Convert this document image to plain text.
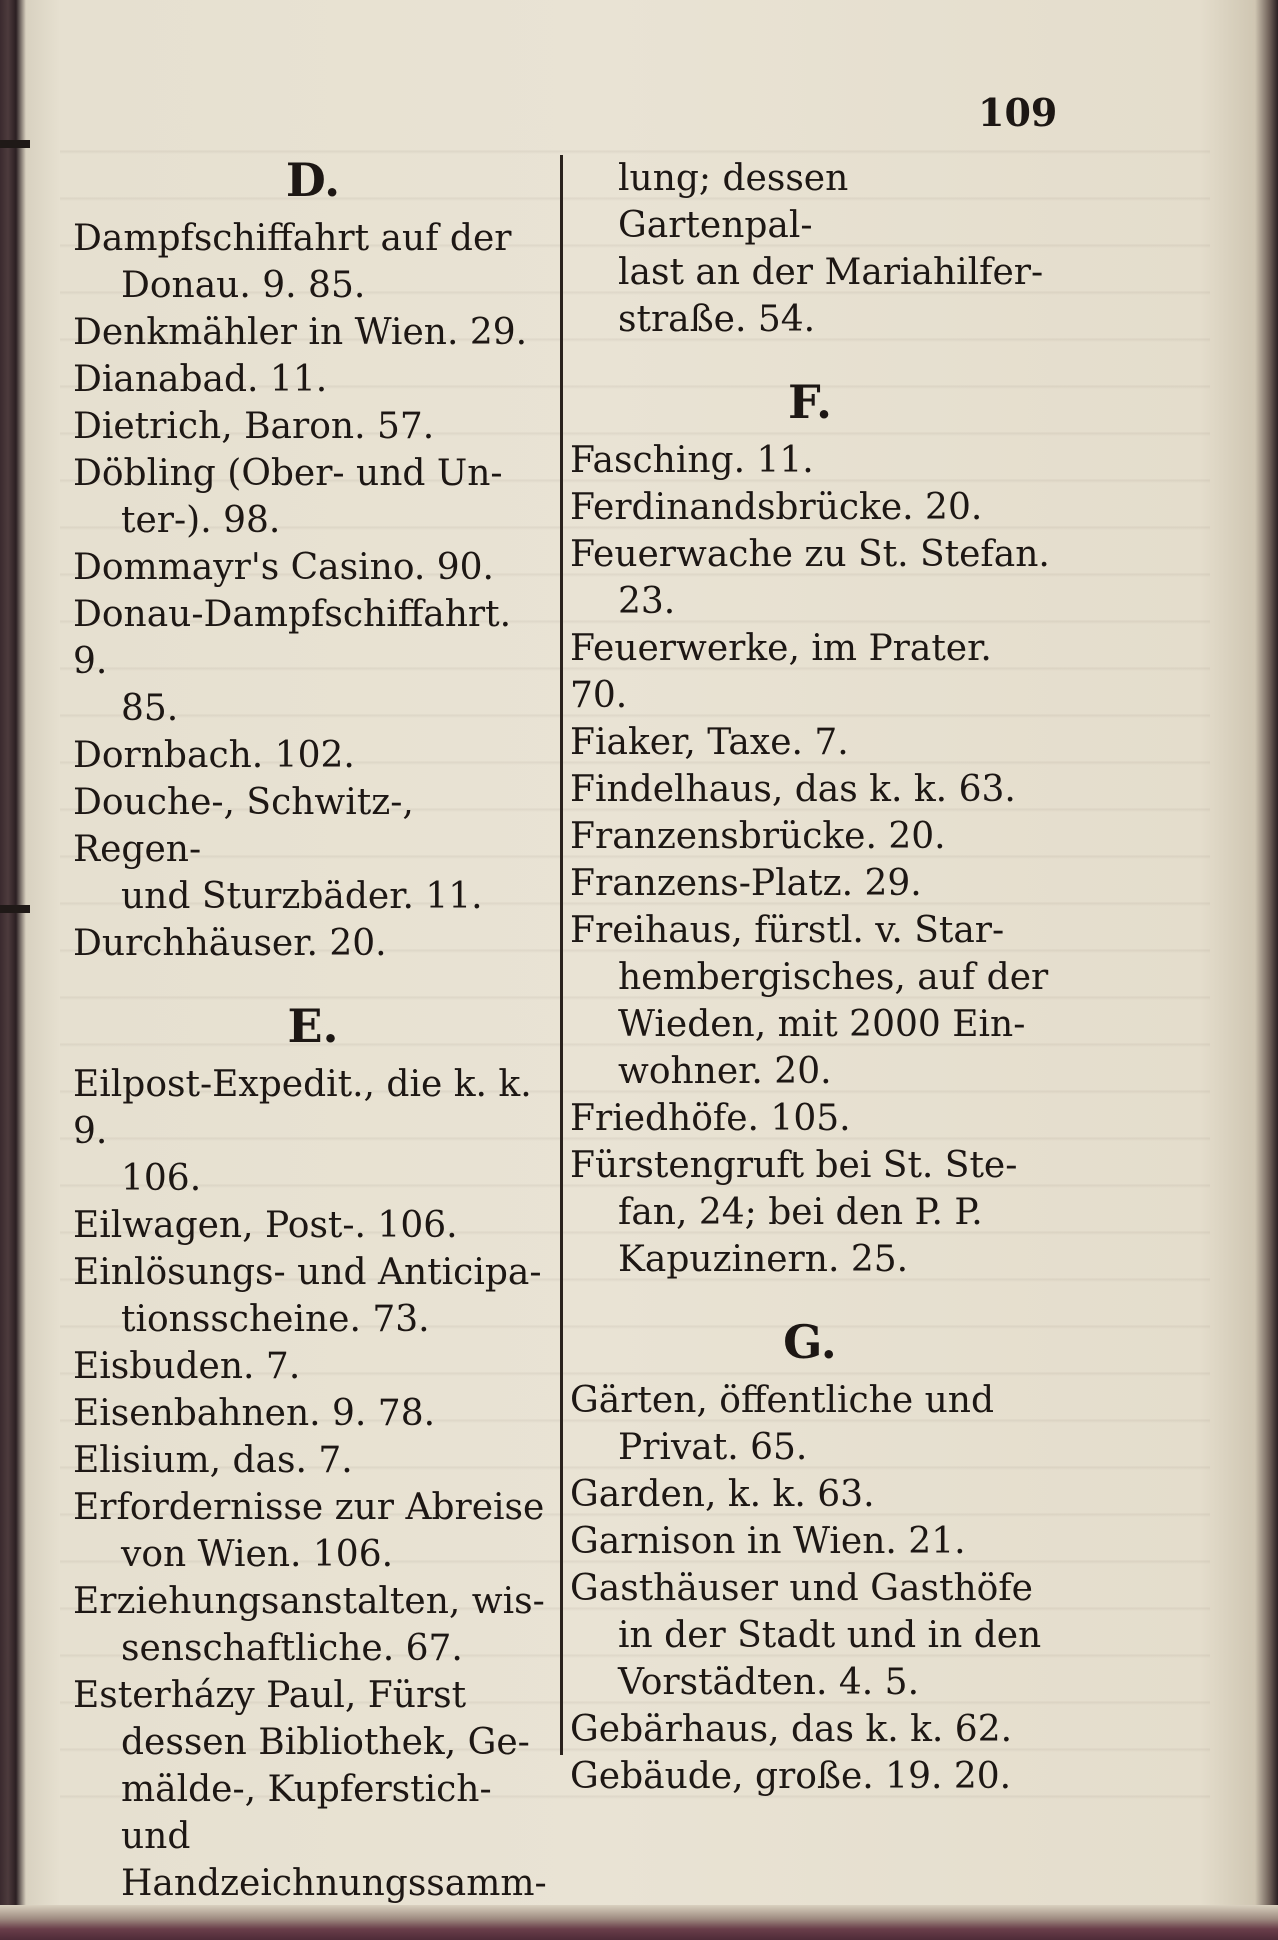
109
D.
Dampfschiffahrt auf der
Donau. 9. 85.
Denkmähler in Wien. 29.
Dianabad. 11.
Dietrich, Baron. 57.
Döbling (Ober- und Un-
ter-). 98.
Dommayr's Casino. 90.
Donau-Dampfschiffahrt. 9.
85.
Dornbach. 102.
Douche-, Schwitz-, Regen-
und Sturzbäder. 11.
Durchhäuser. 20.
E.
Eilpost-Expedit., die k. k. 9.
106.
Eilwagen, Post-. 106.
Einlösungs- und Anticipa-
tionsscheine. 73.
Eisbuden. 7.
Eisenbahnen. 9. 78.
Elisium, das. 7.
Erfordernisse zur Abreise
von Wien. 106.
Erziehungsanstalten, wis-
senschaftliche. 67.
Esterházy Paul, Fürst
dessen Bibliothek, Ge-
mälde-, Kupferstich- und
Handzeichnungssamm-
lung; dessen Gartenpal-
last an der Mariahilfer-
straße. 54.
F.
Fasching. 11.
Ferdinandsbrücke. 20.
Feuerwache zu St. Stefan.
23.
Feuerwerke, im Prater. 70.
Fiaker, Taxe. 7.
Findelhaus, das k. k. 63.
Franzensbrücke. 20.
Franzens-Platz. 29.
Freihaus, fürstl. v. Star-
hembergisches, auf der
Wieden, mit 2000 Ein-
wohner. 20.
Friedhöfe. 105.
Fürstengruft bei St. Ste-
fan, 24; bei den P. P.
Kapuzinern. 25.
G.
Gärten, öffentliche und
Privat. 65.
Garden, k. k. 63.
Garnison in Wien. 21.
Gasthäuser und Gasthöfe
in der Stadt und in den
Vorstädten. 4. 5.
Gebärhaus, das k. k. 62.
Gebäude, große. 19. 20.
